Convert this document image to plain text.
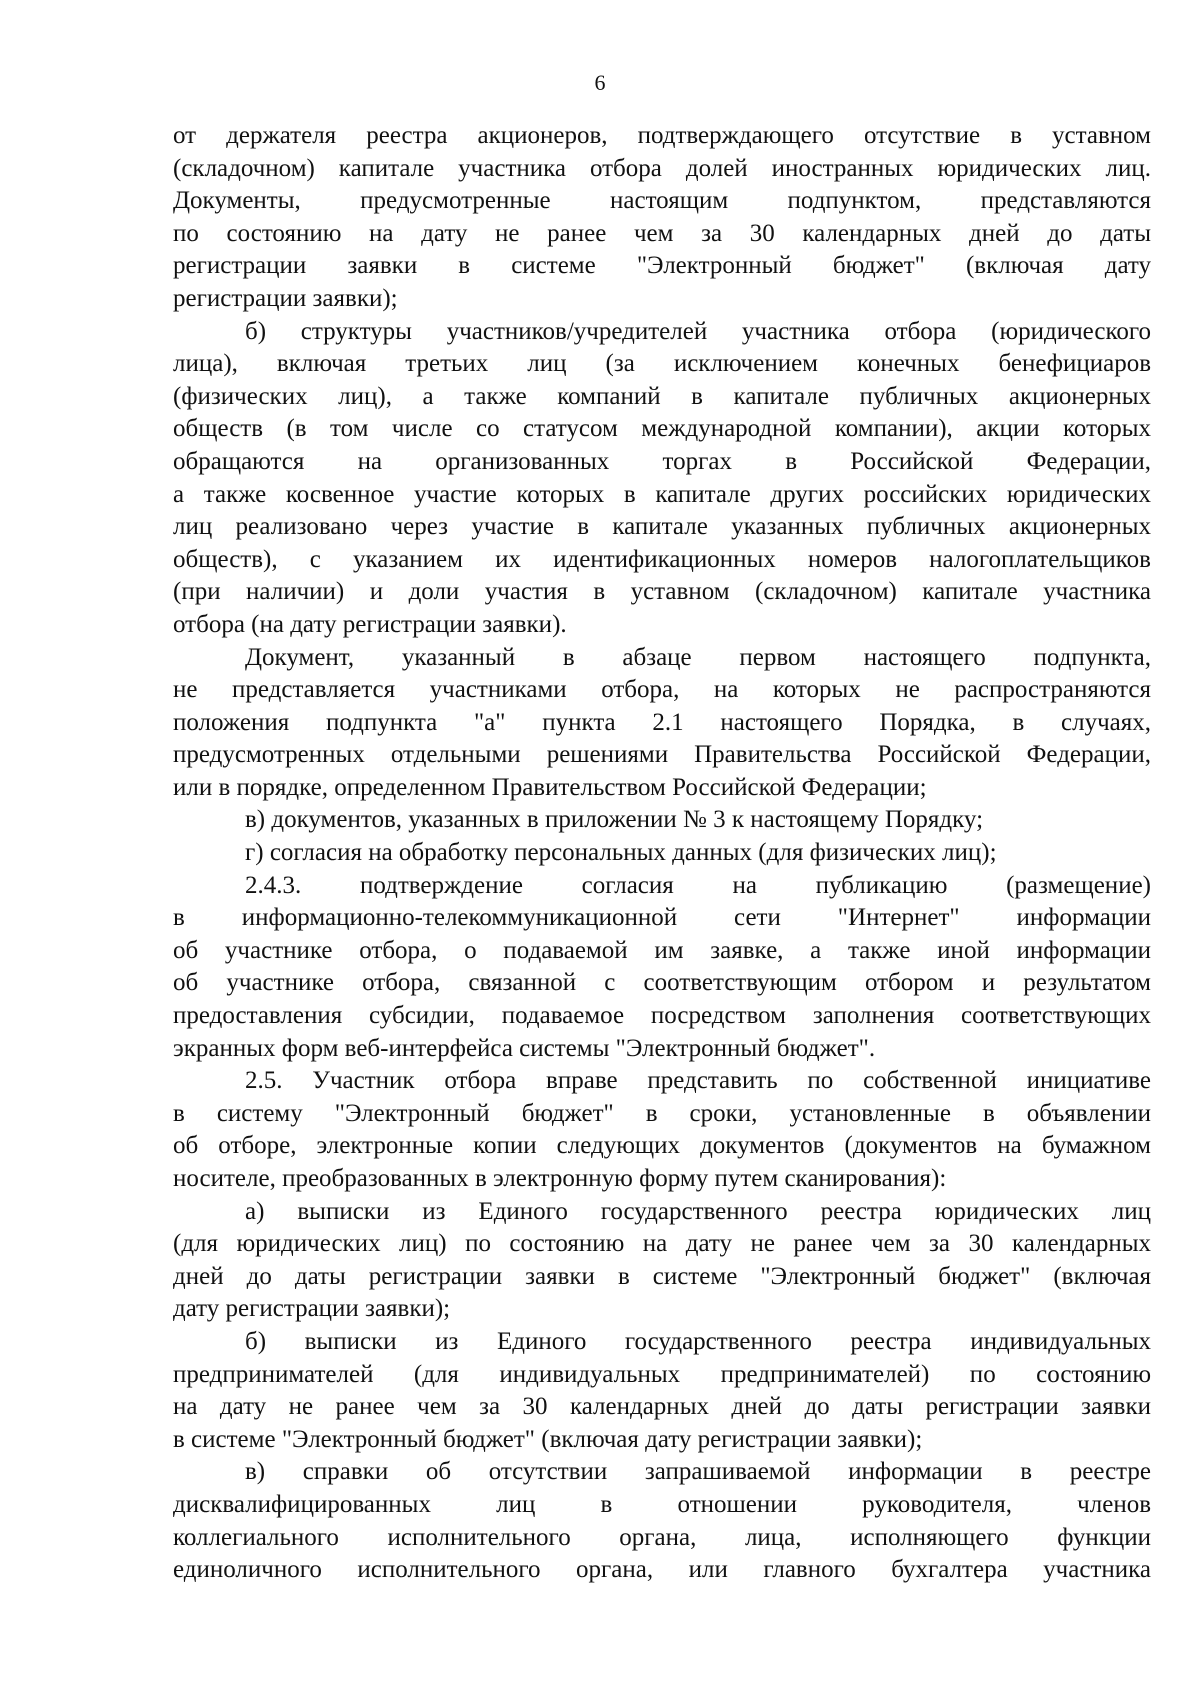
6
от держателя реестра акционеров, подтверждающего отсутствие в уставном
(складочном) капитале участника отбора долей иностранных юридических лиц.
Документы, предусмотренные настоящим подпунктом, представляются
по состоянию на дату не ранее чем за 30 календарных дней до даты
регистрации заявки в системе "Электронный бюджет" (включая дату
регистрации заявки);
б) структуры участников/учредителей участника отбора (юридического
лица), включая третьих лиц (за исключением конечных бенефициаров
(физических лиц), а также компаний в капитале публичных акционерных
обществ (в том числе со статусом международной компании), акции которых
обращаются на организованных торгах в Российской Федерации,
а также косвенное участие которых в капитале других российских юридических
лиц реализовано через участие в капитале указанных публичных акционерных
обществ), с указанием их идентификационных номеров налогоплательщиков
(при наличии) и доли участия в уставном (складочном) капитале участника
отбора (на дату регистрации заявки).
Документ, указанный в абзаце первом настоящего подпункта,
не представляется участниками отбора, на которых не распространяются
положения подпункта "а" пункта 2.1 настоящего Порядка, в случаях,
предусмотренных отдельными решениями Правительства Российской Федерации,
или в порядке, определенном Правительством Российской Федерации;
в) документов, указанных в приложении № 3 к настоящему Порядку;
г) согласия на обработку персональных данных (для физических лиц);
2.4.3. подтверждение согласия на публикацию (размещение)
в информационно-телекоммуникационной сети "Интернет" информации
об участнике отбора, о подаваемой им заявке, а также иной информации
об участнике отбора, связанной с соответствующим отбором и результатом
предоставления субсидии, подаваемое посредством заполнения соответствующих
экранных форм веб-интерфейса системы "Электронный бюджет".
2.5. Участник отбора вправе представить по собственной инициативе
в систему "Электронный бюджет" в сроки, установленные в объявлении
об отборе, электронные копии следующих документов (документов на бумажном
носителе, преобразованных в электронную форму путем сканирования):
а) выписки из Единого государственного реестра юридических лиц
(для юридических лиц) по состоянию на дату не ранее чем за 30 календарных
дней до даты регистрации заявки в системе "Электронный бюджет" (включая
дату регистрации заявки);
б) выписки из Единого государственного реестра индивидуальных
предпринимателей (для индивидуальных предпринимателей) по состоянию
на дату не ранее чем за 30 календарных дней до даты регистрации заявки
в системе "Электронный бюджет" (включая дату регистрации заявки);
в) справки об отсутствии запрашиваемой информации в реестре
дисквалифицированных лиц в отношении руководителя, членов
коллегиального исполнительного органа, лица, исполняющего функции
единоличного исполнительного органа, или главного бухгалтера участника
